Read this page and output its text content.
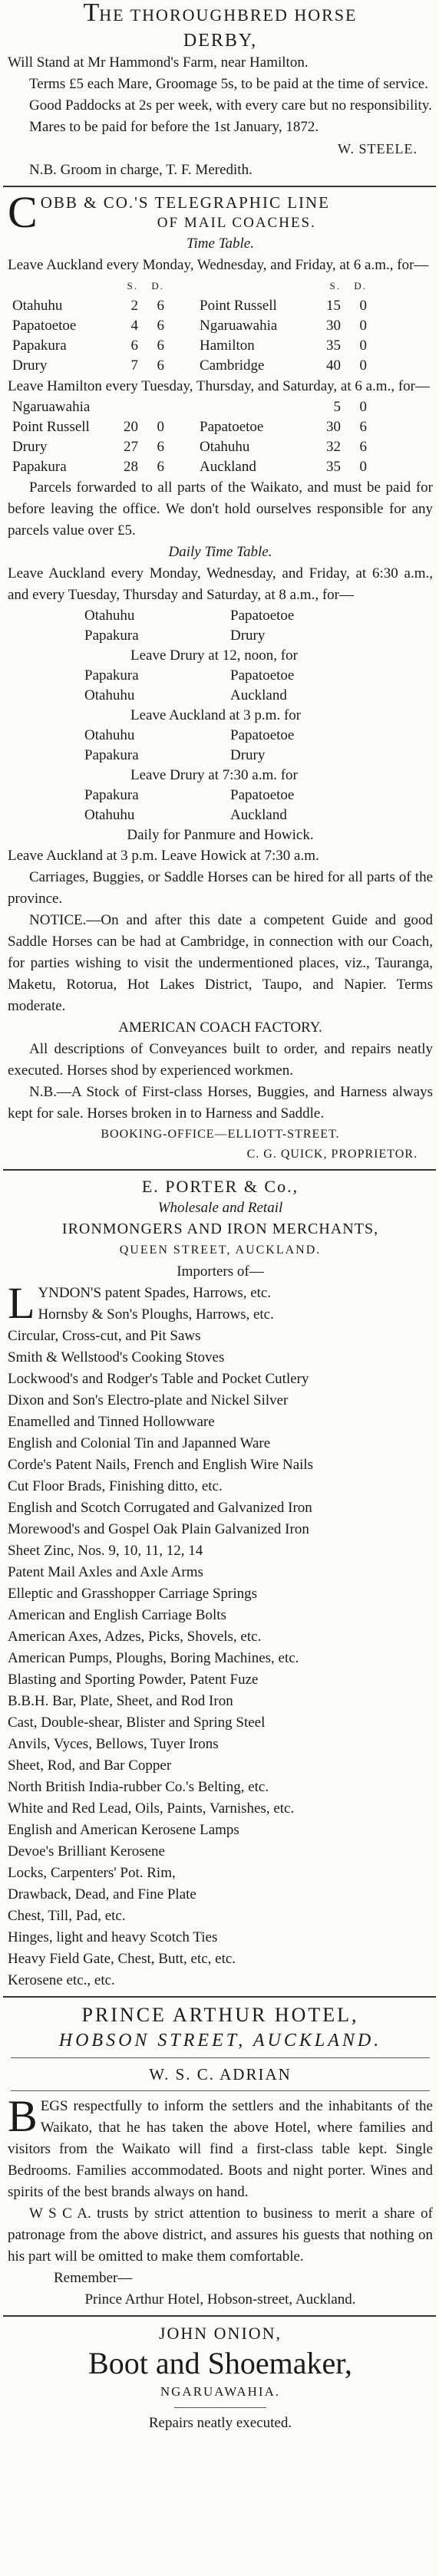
THE THOROUGHBRED HORSE

DERBY,

Will Stand at Mr Hammond's Farm, near Hamilton.

Terms £5 each Mare, Groomage 5s, to be paid at the time of service.

Good Paddocks at 2s per week, with every care but no responsibility.

Mares to be paid for before the 1st January, 1872.

W. STEELE.

N.B. Groom in charge, T. F. Meredith.

C OBB & CO.'S TELEGRAPHIC LINE

OF MAIL COACHES.

Time Table.

Leave Auckland every Monday, Wednesday, and Friday, at 6 a.m., for—

	S.	D.			S.	D.
Otahuhu	2	6		Point Russell	15	0
Papatoetoe	4	6		Ngaruawahia	30	0
Papakura	6	6		Hamilton	35	0
Drury	7	6		Cambridge	40	0

Leave Hamilton every Tuesday, Thursday, and Saturday, at 6 a.m., for—

Ngaruawahia					5	0
Point Russell	20	0		Papatoetoe	30	6
Drury	27	6		Otahuhu	32	6
Papakura	28	6		Auckland	35	0

Parcels forwarded to all parts of the Waikato, and must be paid for before leaving the office. We don't hold ourselves responsible for any parcels value over £5.

Daily Time Table.

Leave Auckland every Monday, Wednesday, and Friday, at 6:30 a.m., and every Tuesday, Thursday and Saturday, at 8 a.m., for—

Otahuhu	Papatoetoe

Papakura	Drury

Leave Drury at 12, noon, for

Papakura	Papatoetoe

Otahuhu	Auckland

Leave Auckland at 3 p.m. for

Otahuhu	Papatoetoe

Papakura	Drury

Leave Drury at 7:30 a.m. for

Papakura	Papatoetoe

Otahuhu	Auckland

Daily for Panmure and Howick.

Leave Auckland at 3 p.m. Leave Howick at 7:30 a.m.

Carriages, Buggies, or Saddle Horses can be hired for all parts of the province.

NOTICE.—On and after this date a competent Guide and good Saddle Horses can be had at Cambridge, in connection with our Coach, for parties wishing to visit the undermentioned places, viz., Tauranga, Maketu, Rotorua, Hot Lakes District, Taupo, and Napier. Terms moderate.

AMERICAN COACH FACTORY.

All descriptions of Conveyances built to order, and repairs neatly executed. Horses shod by experienced workmen.

N.B.—A Stock of First-class Horses, Buggies, and Harness always kept for sale. Horses broken in to Harness and Saddle.

BOOKING-OFFICE—ELLIOTT-STREET.

C. G. QUICK, PROPRIETOR.

E. PORTER & Co.,

Wholesale and Retail

IRONMONGERS AND IRON MERCHANTS,

QUEEN STREET, AUCKLAND.

Importers of—

L YNDON'S patent Spades, Harrows, etc.

Hornsby & Son's Ploughs, Harrows, etc.

Circular, Cross-cut, and Pit Saws

Smith & Wellstood's Cooking Stoves

Lockwood's and Rodger's Table and Pocket Cutlery

Dixon and Son's Electro-plate and Nickel Silver

Enamelled and Tinned Hollowware

English and Colonial Tin and Japanned Ware

Corde's Patent Nails, French and English Wire Nails

Cut Floor Brads, Finishing ditto, etc.

English and Scotch Corrugated and Galvanized Iron

Morewood's and Gospel Oak Plain Galvanized Iron

Sheet Zinc, Nos. 9, 10, 11, 12, 14

Patent Mail Axles and Axle Arms

Elleptic and Grasshopper Carriage Springs

American and English Carriage Bolts

American Axes, Adzes, Picks, Shovels, etc.

American Pumps, Ploughs, Boring Machines, etc.

Blasting and Sporting Powder, Patent Fuze

B.B.H. Bar, Plate, Sheet, and Rod Iron

Cast, Double-shear, Blister and Spring Steel

Anvils, Vyces, Bellows, Tuyer Irons

Sheet, Rod, and Bar Copper

North British India-rubber Co.'s Belting, etc.

White and Red Lead, Oils, Paints, Varnishes, etc.

English and American Kerosene Lamps

Devoe's Brilliant Kerosene

Locks, Carpenters' Pot. Rim,

Drawback, Dead, and Fine Plate

Chest, Till, Pad, etc.

Hinges, light and heavy Scotch Ties

Heavy Field Gate, Chest, Butt, etc, etc.

Kerosene etc., etc.

PRINCE ARTHUR HOTEL,

HOBSON STREET, AUCKLAND.

W. S. C. ADRIAN

B EGS respectfully to inform the settlers and the inhabitants of the Waikato, that he has taken the above Hotel, where families and visitors from the Waikato will find a first-class table kept. Single Bedrooms. Families accommodated. Boots and night porter. Wines and spirits of the best brands always on hand.

W S C A. trusts by strict attention to business to merit a share of patronage from the above district, and assures his guests that nothing on his part will be omitted to make them comfortable.

Remember—

Prince Arthur Hotel, Hobson-street, Auckland.

JOHN ONION,

Boot and Shoemaker,

NGARUAWAHIA.

Repairs neatly executed.
